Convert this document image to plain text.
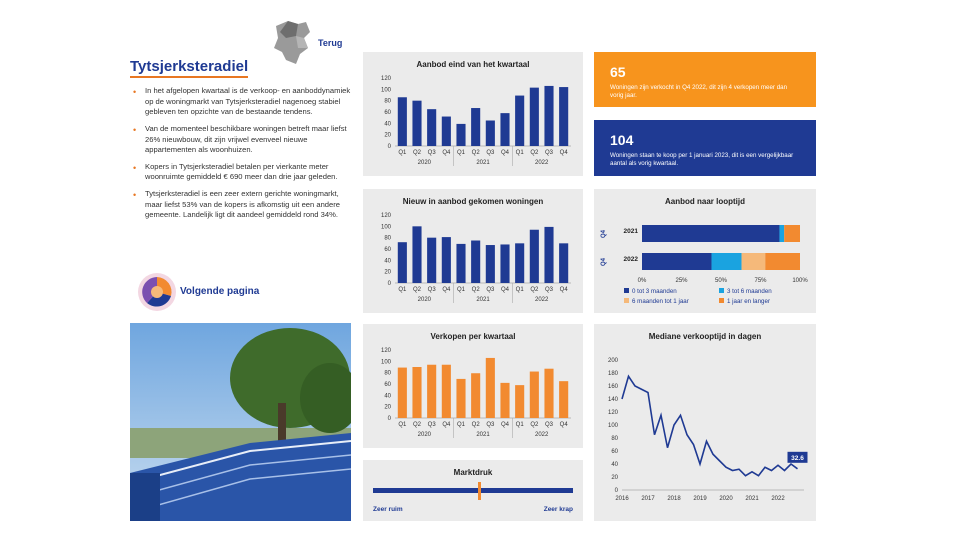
Terug
Tytsjerksteradiel
• In het afgelopen kwartaal is de verkoop- en aanboddynamiek op de woningmarkt van Tytsjerksteradiel nagenoeg stabiel gebleven ten opzichte van de bestaande tendens.
• Van de momenteel beschikbare woningen betreft maar liefst 26% nieuwbouw, dit zijn vrijwel evenveel nieuwe appartementen als woonhuizen.
• Kopers in Tytsjerksteradiel betalen per vierkante meter woonruimte gemiddeld € 690 meer dan drie jaar geleden.
• Tytsjerksteradiel is een zeer extern gerichte woningmarkt, maar liefst 53% van de kopers is afkomstig uit een andere gemeente. Landelijk ligt dit aandeel gemiddeld rond 34%.
Volgende pagina
Aanbod eind van het kwartaal
0
20
40
60
80
100
120
Q1 Q2 Q3 Q4 Q1 Q2 Q3 Q4 Q1 Q2 Q3 Q4
2020	2021	2022
Nieuw in aanbod gekomen woningen
0
20
40
60
80
100
120
Q1 Q2 Q3 Q4 Q1 Q2 Q3 Q4 Q1 Q2 Q3 Q4
2020	2021	2022
Verkopen per kwartaal
0
20
40
60
80
100
120
Q1 Q2 Q3 Q4 Q1 Q2 Q3 Q4 Q1 Q2 Q3 Q4
2020	2021	2022
Marktdruk
Zeer ruim	Zeer krap
65
Woningen zijn verkocht in Q4 2022, dit zijn 4 verkopen meer dan vorig jaar.
104
Woningen staan te koop per 1 januari 2023, dit is een vergelijkbaar aantal als vorig kwartaal.
Aanbod naar looptijd
Q4	2021
Q4	2022
0%	25%	50%	75%	100%
0 tot 3 maanden	3 tot 6 maanden
6 maanden tot 1 jaar	1 jaar en langer
Mediane verkooptijd in dagen
0
20
40
60
80
100
120
140
160
180
200
2016 2017 2018 2019 2020 2021 2022
32.6
